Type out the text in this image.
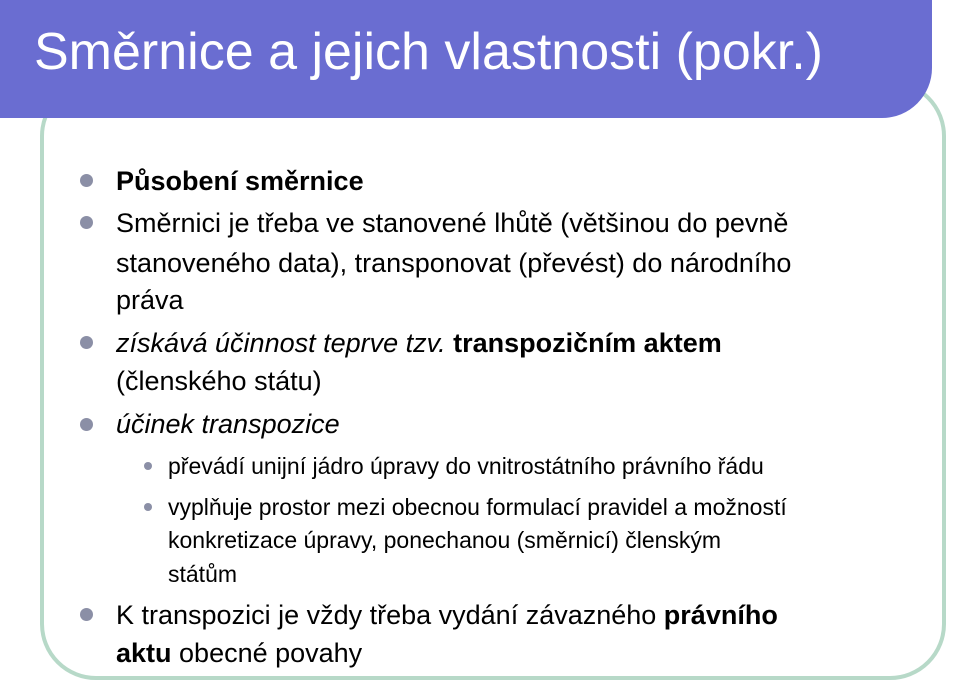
Směrnice a jejich vlastnosti (pokr.)

Působení směrnice

Směrnici je třeba ve stanovené lhůtě (většinou do pevně

stanoveného data), transponovat (převést) do národního

práva

získává účinnost teprve tzv. transpozičním aktem

(členského státu)

účinek transpozice

převádí unijní jádro úpravy do vnitrostátního právního řádu

vyplňuje prostor mezi obecnou formulací pravidel a možností

konkretizace úpravy, ponechanou (směrnicí) členským

státům

K transpozici je vždy třeba vydání závazného právního

aktu obecné povahy
